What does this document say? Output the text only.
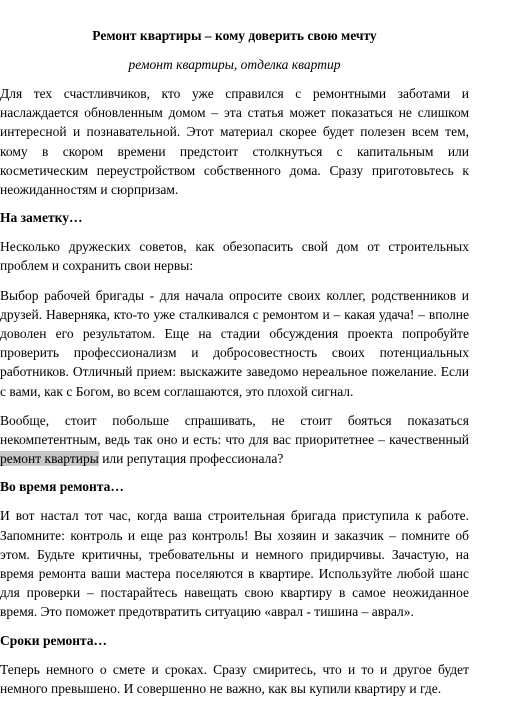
Ремонт квартиры – кому доверить свою мечту
ремонт квартиры, отделка квартир

Для тех счастливчиков, кто уже справился с ремонтными заботами и наслаждается обновленным домом – эта статья может показаться не слишком интересной и познавательной. Этот материал скорее будет полезен всем тем, кому в скором времени предстоит столкнуться с капитальным или косметическим переустройством собственного дома. Сразу приготовьтесь к неожиданностям и сюрпризам.

На заметку…

Несколько дружеских советов, как обезопасить свой дом от строительных проблем и сохранить свои нервы:

Выбор рабочей бригады - для начала опросите своих коллег, родственников и друзей. Наверняка, кто-то уже сталкивался с ремонтом и – какая удача! – вполне доволен его результатом. Еще на стадии обсуждения проекта попробуйте проверить профессионализм и добросовестность своих потенциальных работников. Отличный прием: выскажите заведомо нереальное пожелание. Если с вами, как с Богом, во всем соглашаются, это плохой сигнал.

Вообще, стоит побольше спрашивать, не стоит бояться показаться некомпетентным, ведь так оно и есть: что для вас приоритетнее – качественный ремонт квартиры или репутация профессионала?

Во время ремонта…

И вот настал тот час, когда ваша строительная бригада приступила к работе. Запомните: контроль и еще раз контроль! Вы хозяин и заказчик – помните об этом. Будьте критичны, требовательны и немного придирчивы. Зачастую, на время ремонта ваши мастера поселяются в квартире. Используйте любой шанс для проверки – постарайтесь навещать свою квартиру в самое неожиданное время. Это поможет предотвратить ситуацию «аврал - тишина – аврал».

Сроки ремонта…

Теперь немного о смете и сроках. Сразу смиритесь, что и то и другое будет немного превышено. И совершенно не важно, как вы купили квартиру и где.
